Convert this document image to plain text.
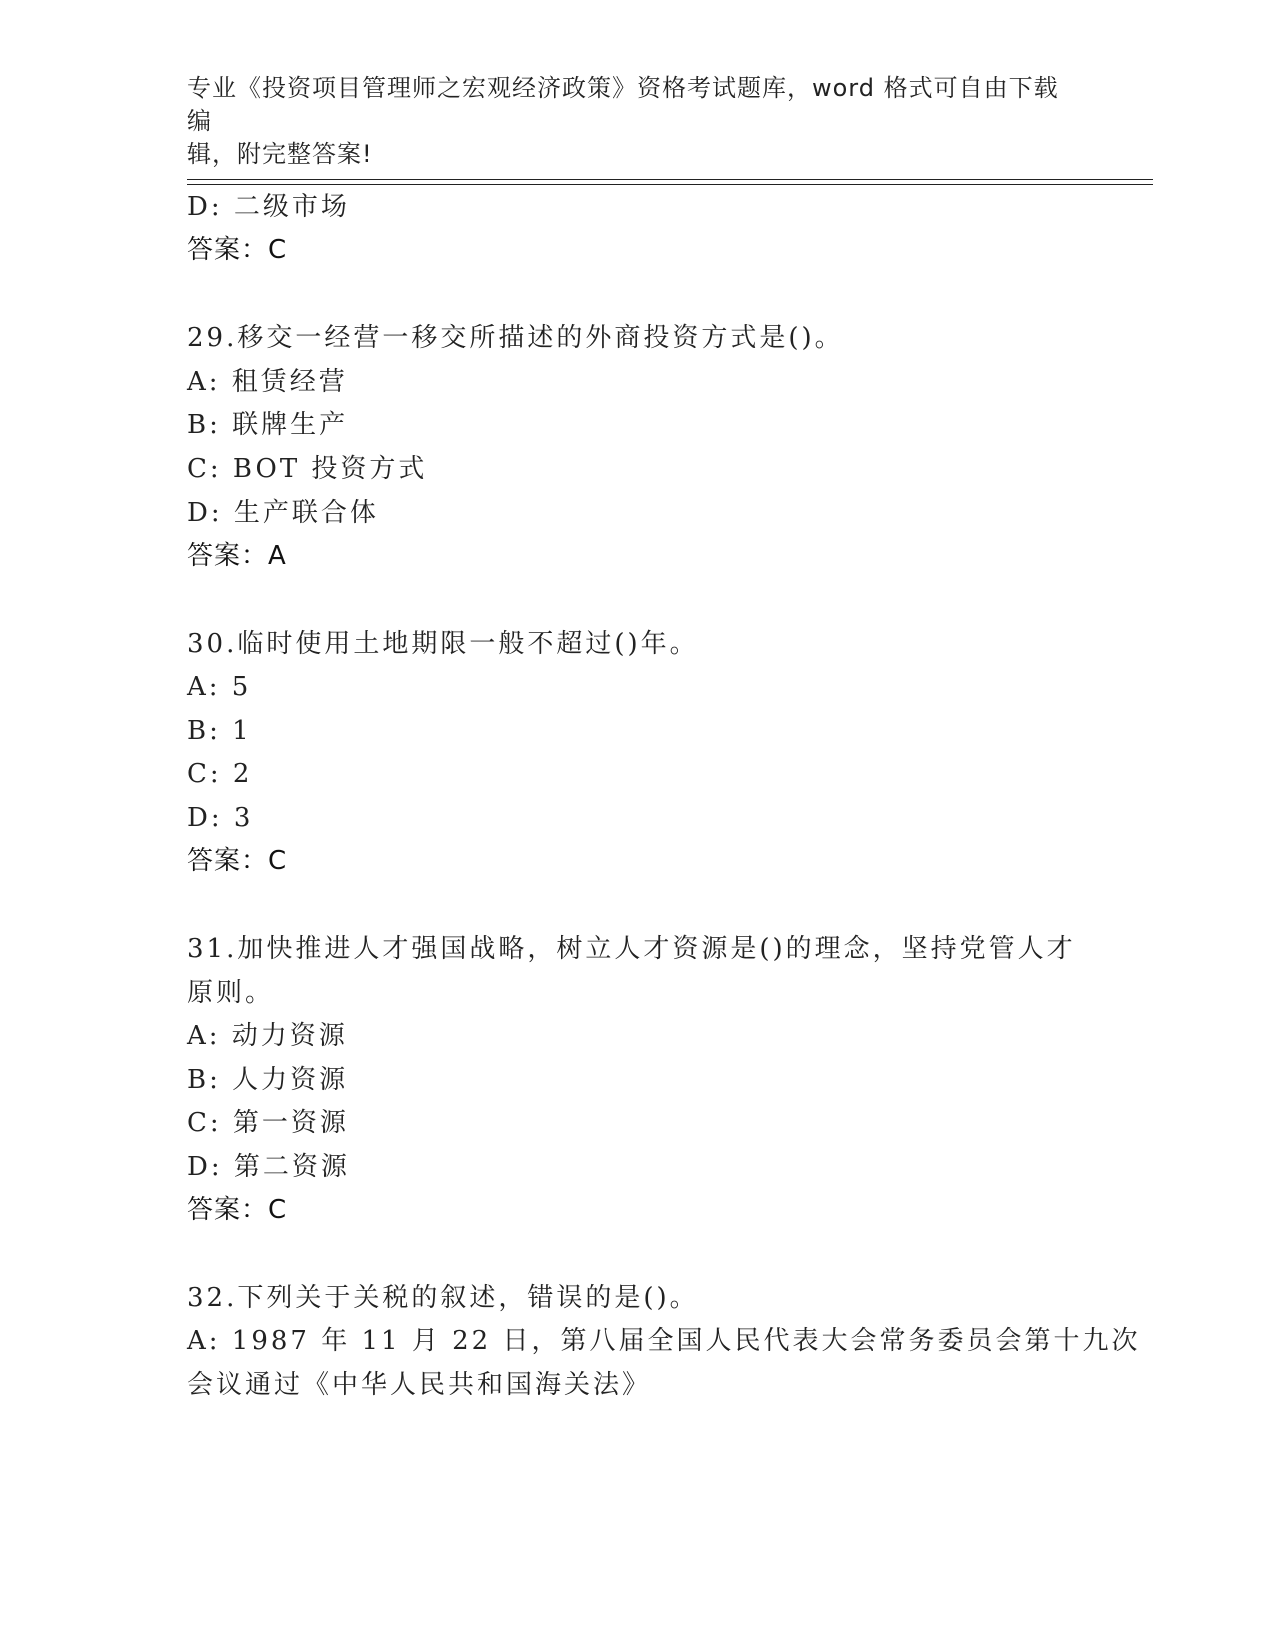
专业《投资项目管理师之宏观经济政策》资格考试题库，word 格式可自由下载编
辑，附完整答案!
D: 二级市场
答案：C
29.移交一经营一移交所描述的外商投资方式是()。
A: 租赁经营
B: 联牌生产
C: BOT 投资方式
D: 生产联合体
答案：A
30.临时使用土地期限一般不超过()年。
A: 5
B: 1
C: 2
D: 3
答案：C
31.加快推进人才强国战略，树立人才资源是()的理念，坚持党管人才
原则。
A: 动力资源
B: 人力资源
C: 第一资源
D: 第二资源
答案：C
32.下列关于关税的叙述，错误的是()。
A: 1987 年 11 月 22 日，第八届全国人民代表大会常务委员会第十九次
会议通过《中华人民共和国海关法》
